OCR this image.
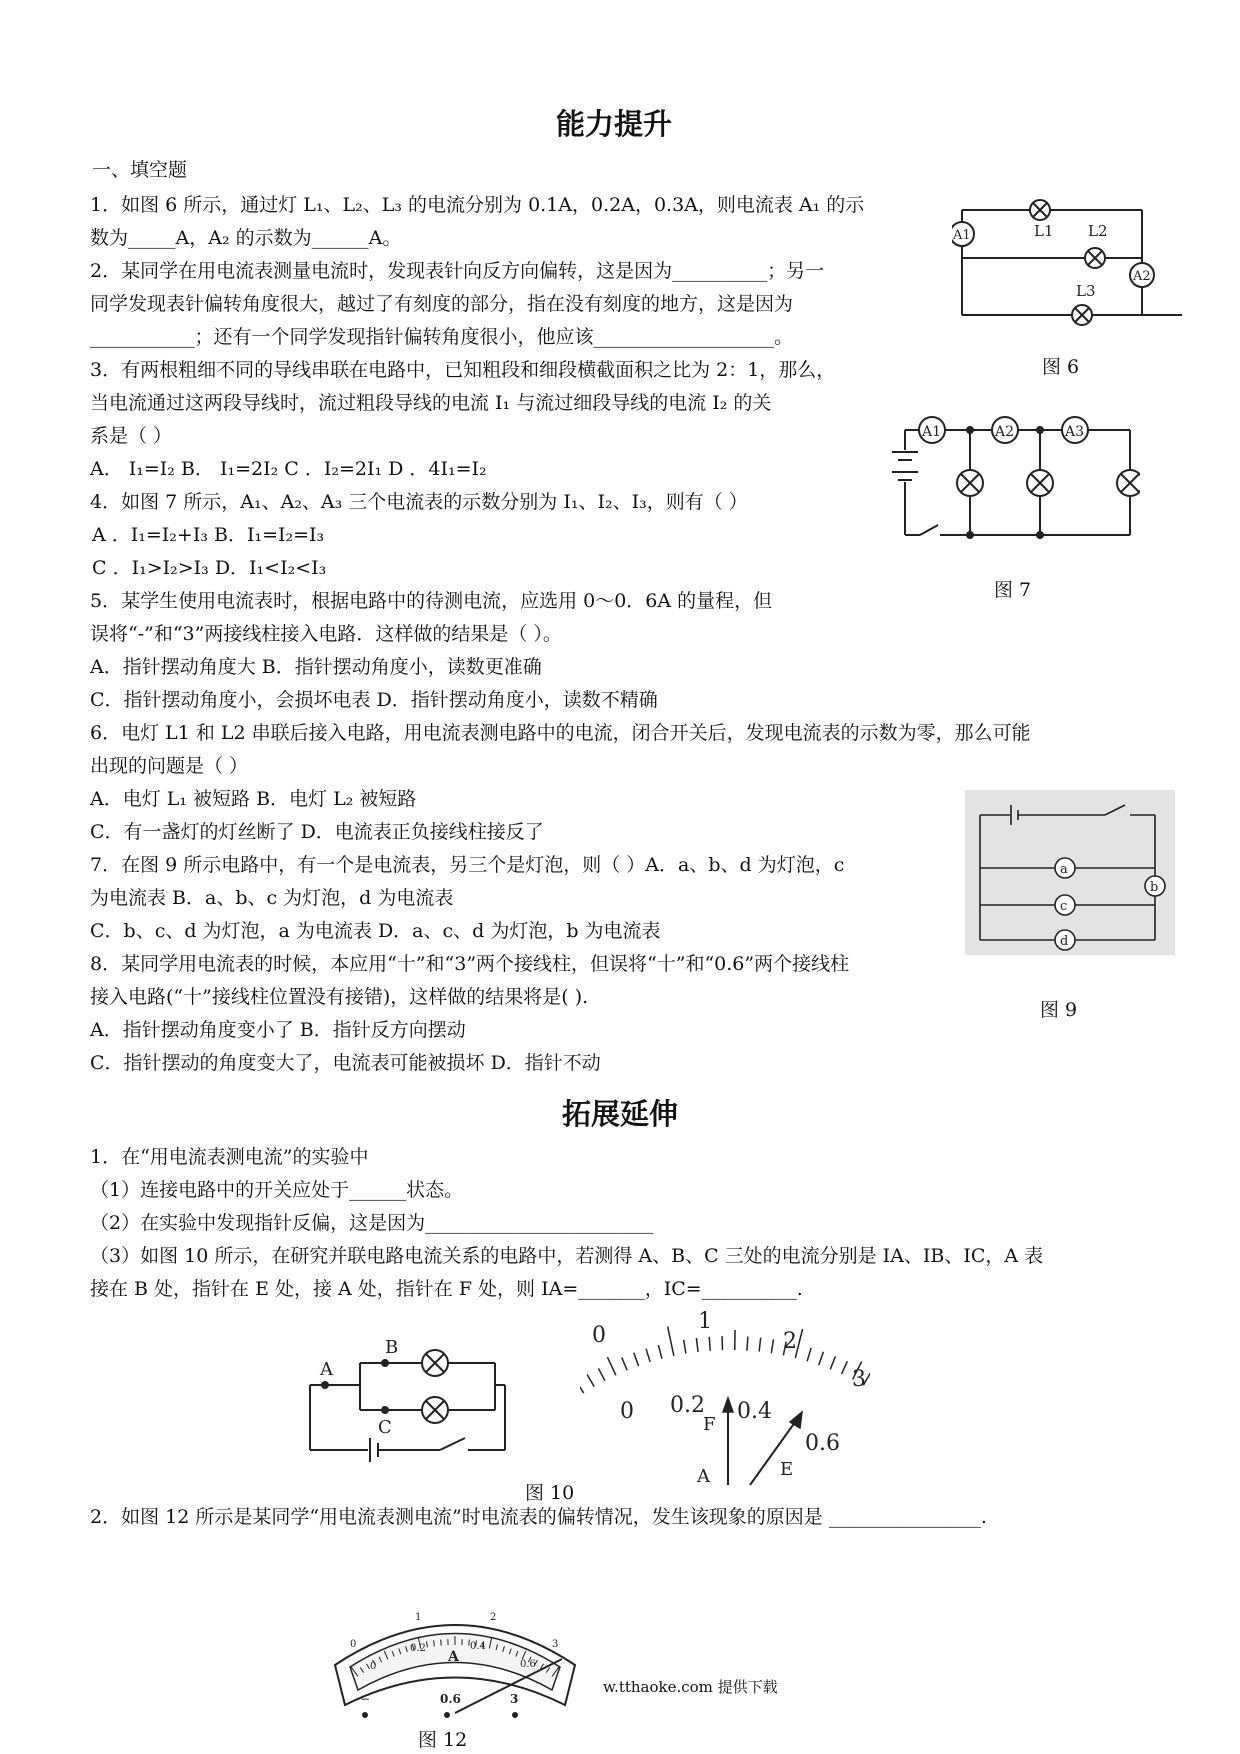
能力提升
一、填空题
1．如图 6 所示，通过灯 L₁、L₂、L₃ 的电流分别为 0.1A，0.2A，0.3A，则电流表 A₁ 的示
数为_____A，A₂ 的示数为______A。
2．某同学在用电流表测量电流时，发现表针向反方向偏转，这是因为__________；另一
同学发现表针偏转角度很大，越过了有刻度的部分，指在没有刻度的地方，这是因为
___________；还有一个同学发现指针偏转角度很小，他应该___________________。
3．有两根粗细不同的导线串联在电路中，已知粗段和细段横截面积之比为 2：1，那么，
当电流通过这两段导线时，流过粗段导线的电流 I₁ 与流过细段导线的电流 I₂ 的关
系是（ ）
A． I₁=I₂ B． I₁=2I₂ C ．I₂=2I₁ D ．4I₁=I₂
4．如图 7 所示，A₁、A₂、A₃ 三个电流表的示数分别为 I₁、I₂、I₃，则有（ ）
A ．I₁=I₂+I₃ B．I₁=I₂=I₃
C ．I₁>I₂>I₃ D．I₁<I₂<I₃
5．某学生使用电流表时，根据电路中的待测电流，应选用 0～0．6A 的量程，但
误将“-”和“3”两接线柱接入电路．这样做的结果是（ ）。
A．指针摆动角度大 B．指针摆动角度小，读数更准确
C．指针摆动角度小，会损坏电表 D．指针摆动角度小，读数不精确
6．电灯 L1 和 L2 串联后接入电路，用电流表测电路中的电流，闭合开关后，发现电流表的示数为零，那么可能
出现的问题是（ ）
A．电灯 L₁ 被短路 B．电灯 L₂ 被短路
C．有一盏灯的灯丝断了 D．电流表正负接线柱接反了
7．在图 9 所示电路中，有一个是电流表，另三个是灯泡，则（ ）A．a、b、d 为灯泡，c
为电流表 B．a、b、c 为灯泡，d 为电流表
C．b、c、d 为灯泡，a 为电流表 D．a、c、d 为灯泡，b 为电流表
8．某同学用电流表的时候，本应用“十”和“3”两个接线柱，但误将“十”和“0.6”两个接线柱
接入电路(“十”接线柱位置没有接错)，这样做的结果将是( ).
A．指针摆动角度变小了 B．指针反方向摆动
C．指针摆动的角度变大了，电流表可能被损坏 D．指针不动
拓展延伸
1．在“用电流表测电流”的实验中
（1）连接电路中的开关应处于______状态。
（2）在实验中发现指针反偏，这是因为________________________
（3）如图 10 所示，在研究并联电路电流关系的电路中，若测得 A、B、C 三处的电流分别是 IA、IB、IC，A 表
接在 B 处，指针在 E 处，接 A 处，指针在 F 处，则 IA=_______，IC=__________.
2．如图 12 所示是某同学“用电流表测电流”时电流表的偏转情况，发生该现象的原因是 ________________.
A1	L1 L2
A2
L3
图 6
A1	A2	A3
图 7
a
b
c
d
图 9
A
B
C
图 10
0
1
2
3
0 0.2 0.4
0.6
F
A	E
0
1	2
3
0
0.2	0.4
0.6
A
−	0.6	3
w.tthaoke.com 提供下载
图 12
